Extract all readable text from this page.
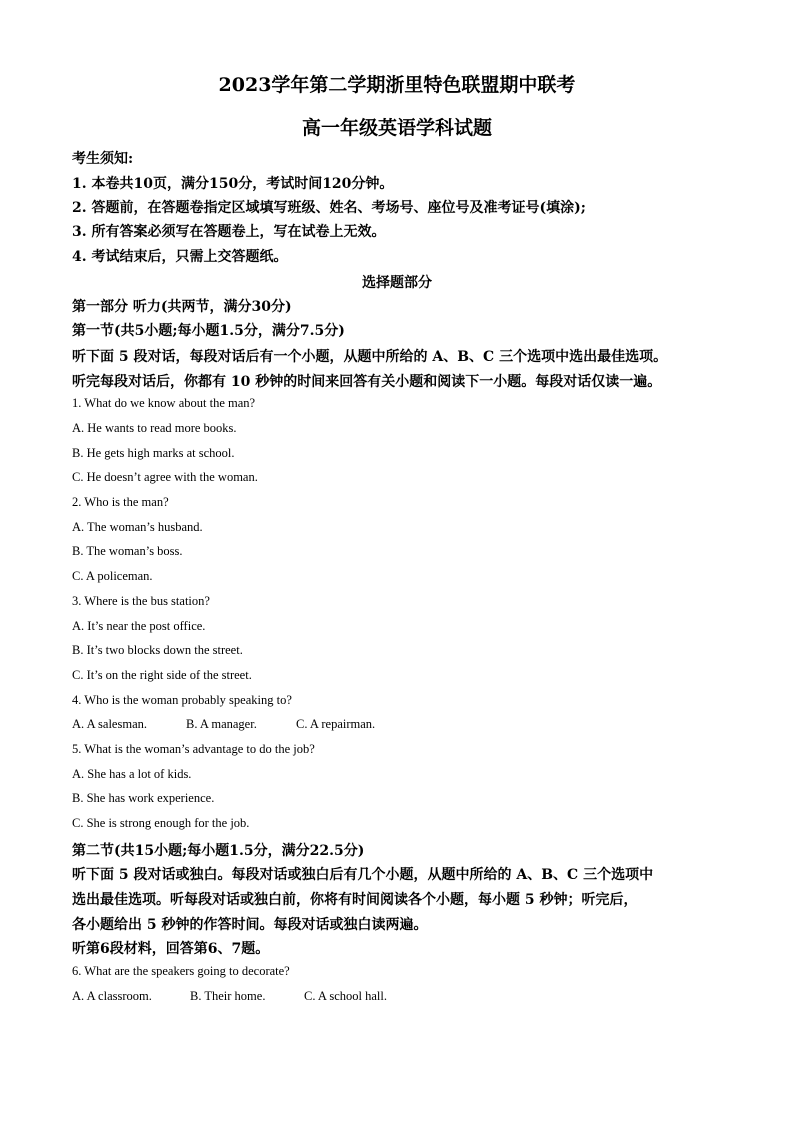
2023学年第二学期浙里特色联盟期中联考
高一年级英语学科试题
考生须知:
1. 本卷共10页，满分150分，考试时间120分钟。
2. 答题前，在答题卷指定区域填写班级、姓名、考场号、座位号及准考证号(填涂);
3. 所有答案必须写在答题卷上，写在试卷上无效。
4. 考试结束后，只需上交答题纸。
选择题部分
第一部分 听力(共两节，满分30分)
第一节(共5小题;每小题1.5分，满分7.5分)
听下面 5 段对话，每段对话后有一个小题，从题中所给的 A、B、C 三个选项中选出最佳选项。
听完每段对话后，你都有 10 秒钟的时间来回答有关小题和阅读下一小题。每段对话仅读一遍。
1. What do we know about the man?
A. He wants to read more books.
B. He gets high marks at school.
C. He doesn’t agree with the woman.
2. Who is the man?
A. The woman’s husband.
B. The woman’s boss.
C. A policeman.
3. Where is the bus station?
A. It’s near the post office.
B. It’s two blocks down the street.
C. It’s on the right side of the street.
4. Who is the woman probably speaking to?
A. A salesman.	B. A manager.	C. A repairman.
5. What is the woman’s advantage to do the job?
A. She has a lot of kids.
B. She has work experience.
C. She is strong enough for the job.
第二节(共15小题;每小题1.5分，满分22.5分)
听下面 5 段对话或独白。每段对话或独白后有几个小题，从题中所给的 A、B、C 三个选项中
选出最佳选项。听每段对话或独白前，你将有时间阅读各个小题，每小题 5 秒钟；听完后，
各小题给出 5 秒钟的作答时间。每段对话或独白读两遍。
听第6段材料，回答第6、7题。
6. What are the speakers going to decorate?
A. A classroom.	B. Their home.	C. A school hall.
